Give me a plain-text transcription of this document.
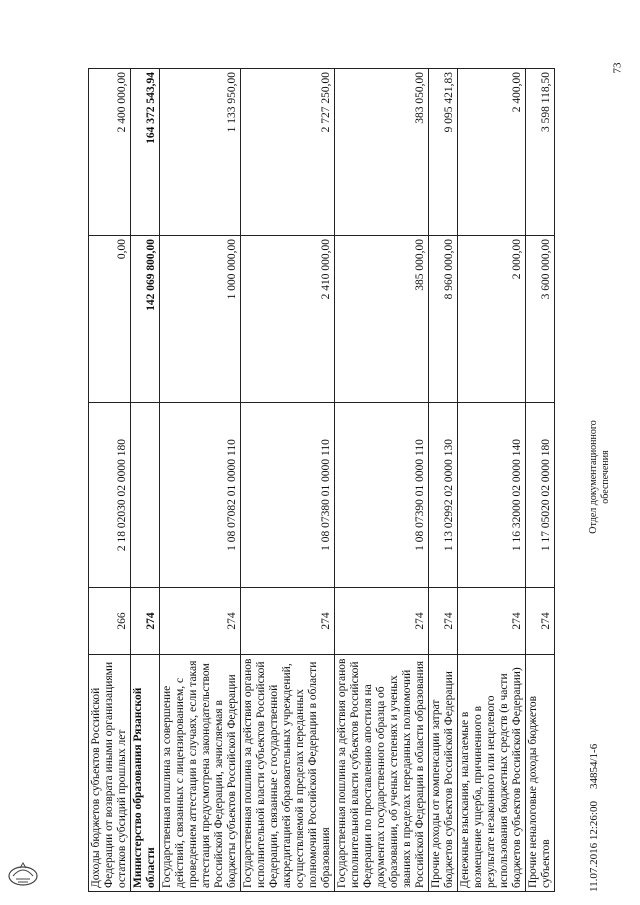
73
Доходы бюджетов субъектов Российской Федерации от возврата иными организациями остатков субсидий прошлых лет	266	2 18 02030 02 0000 180	0,00	2 400 000,00
Министерство образования Рязанской области	274		142 069 800,00	164 372 543,94
Государственная пошлина за совершение действий, связанных с лицензированием, с проведением аттестации в случаях, если такая аттестация предусмотрена законодательством Российской Федерации, зачисляемая в бюджеты субъектов Российской Федерации	274	1 08 07082 01 0000 110	1 000 000,00	1 133 950,00
Государственная пошлина за действия органов исполнительной власти субъектов Российской Федерации, связанные с государственной аккредитацией образовательных учреждений, осуществляемой в пределах переданных полномочий Российской Федерации в области образования	274	1 08 07380 01 0000 110	2 410 000,00	2 727 250,00
Государственная пошлина за действия органов исполнительной власти субъектов Российской Федерации по проставлению апостиля на документах государственного образца об образовании, об ученых степенях и ученых званиях в пределах переданных полномочий Российской Федерации в области образования	274	1 08 07390 01 0000 110	385 000,00	383 050,00
Прочие доходы от компенсации затрат бюджетов субъектов Российской Федерации	274	1 13 02992 02 0000 130	8 960 000,00	9 095 421,83
Денежные взыскания, налагаемые в возмещение ущерба, причиненного в результате незаконного или нецелевого использования бюджетных средств (в части бюджетов субъектов Российской Федерации)	274	1 16 32000 02 0000 140	2 000,00	2 400,00
Прочие неналоговые доходы бюджетов субъектов	274	1 17 05020 02 0000 180	3 600 000,00	3 598 118,50
11.07.2016 12:26:00
34854/1-6
Отдел документационного обеспечения
